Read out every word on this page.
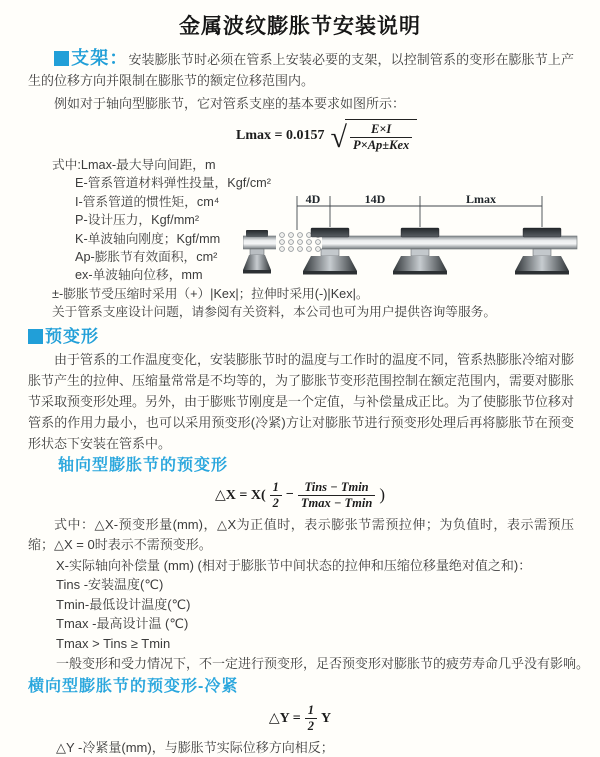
金属波纹膨胀节安装说明

支架：安装膨胀节时必须在管系上安装必要的支架，以控制管系的变形在膨胀节上产生的位移方向并限制在膨胀节的额定位移范围内。

例如对于轴向型膨胀节，它对管系支座的基本要求如图所示：

Lmax = 0.0157 √ $\frac{E\times I}{\text{P×Ap±Kex}}$
式中:Lmax-最大导向间距，m
E-管系管道材料弹性投量，Kgf/cm²
I-管系管道的惯性矩，cm⁴
P-设计压力，Kgf/mm²
K-单波轴向刚度；Kgf/mm
Ap-膨胀节有效面积，cm²
ex-单波轴向位移，mm
±-膨胀节受压缩时采用（+）|Kex|；拉伸时采用(-)|Kex|。
关于管系支座设计问题，请参阅有关资料，本公司也可为用户提供咨询等服务。
4D	14D	Lmax
预变形

由于管系的工作温度变化，安装膨胀节时的温度与工作时的温度不同，管系热膨胀冷缩对膨胀节产生的拉伸、压缩量常常是不均等的，为了膨胀节变形范围控制在额定范围内，需要对膨胀节采取预变形处理。另外，由于膨账节刚度是一个定值，与补偿量成正比。为了使膨胀节位移对管系的作用力最小，也可以采用预变形(冷紧)方让对膨胀节进行预变形处理后再将膨胀节在预变形状态下安装在管系中。

轴向型膨胀节的预变形
△X = $X( \frac{1}{2} - \frac{\text{Tins − Tmin}}{Tmax - Tmin}$ )

式中：△X-预变形量(mm)，△X为正值时，表示膨张节需预拉伸；为负值时，表示需预压缩；△X = 0时表示不需预变形。

X-实际轴向补偿量 (mm) (相对于膨胀节中间状态的拉伸和压缩位移量绝对值之和)：
Tins -安装温度(℃)
Tmin-最低设计温度(℃)
Tmax -最高设计温 (℃)
Tmax > Tins ≥ Tmin
一般变形和受力情况下，不一定进行预变形，足否预变形对膨胀节的疲劳寿命几乎没有影响。
横向型膨胀节的预变形-冷紧
△Y = $\frac{1}{2}$ Y
△Y -冷紧量(mm)，与膨胀节实际位移方向相反；
